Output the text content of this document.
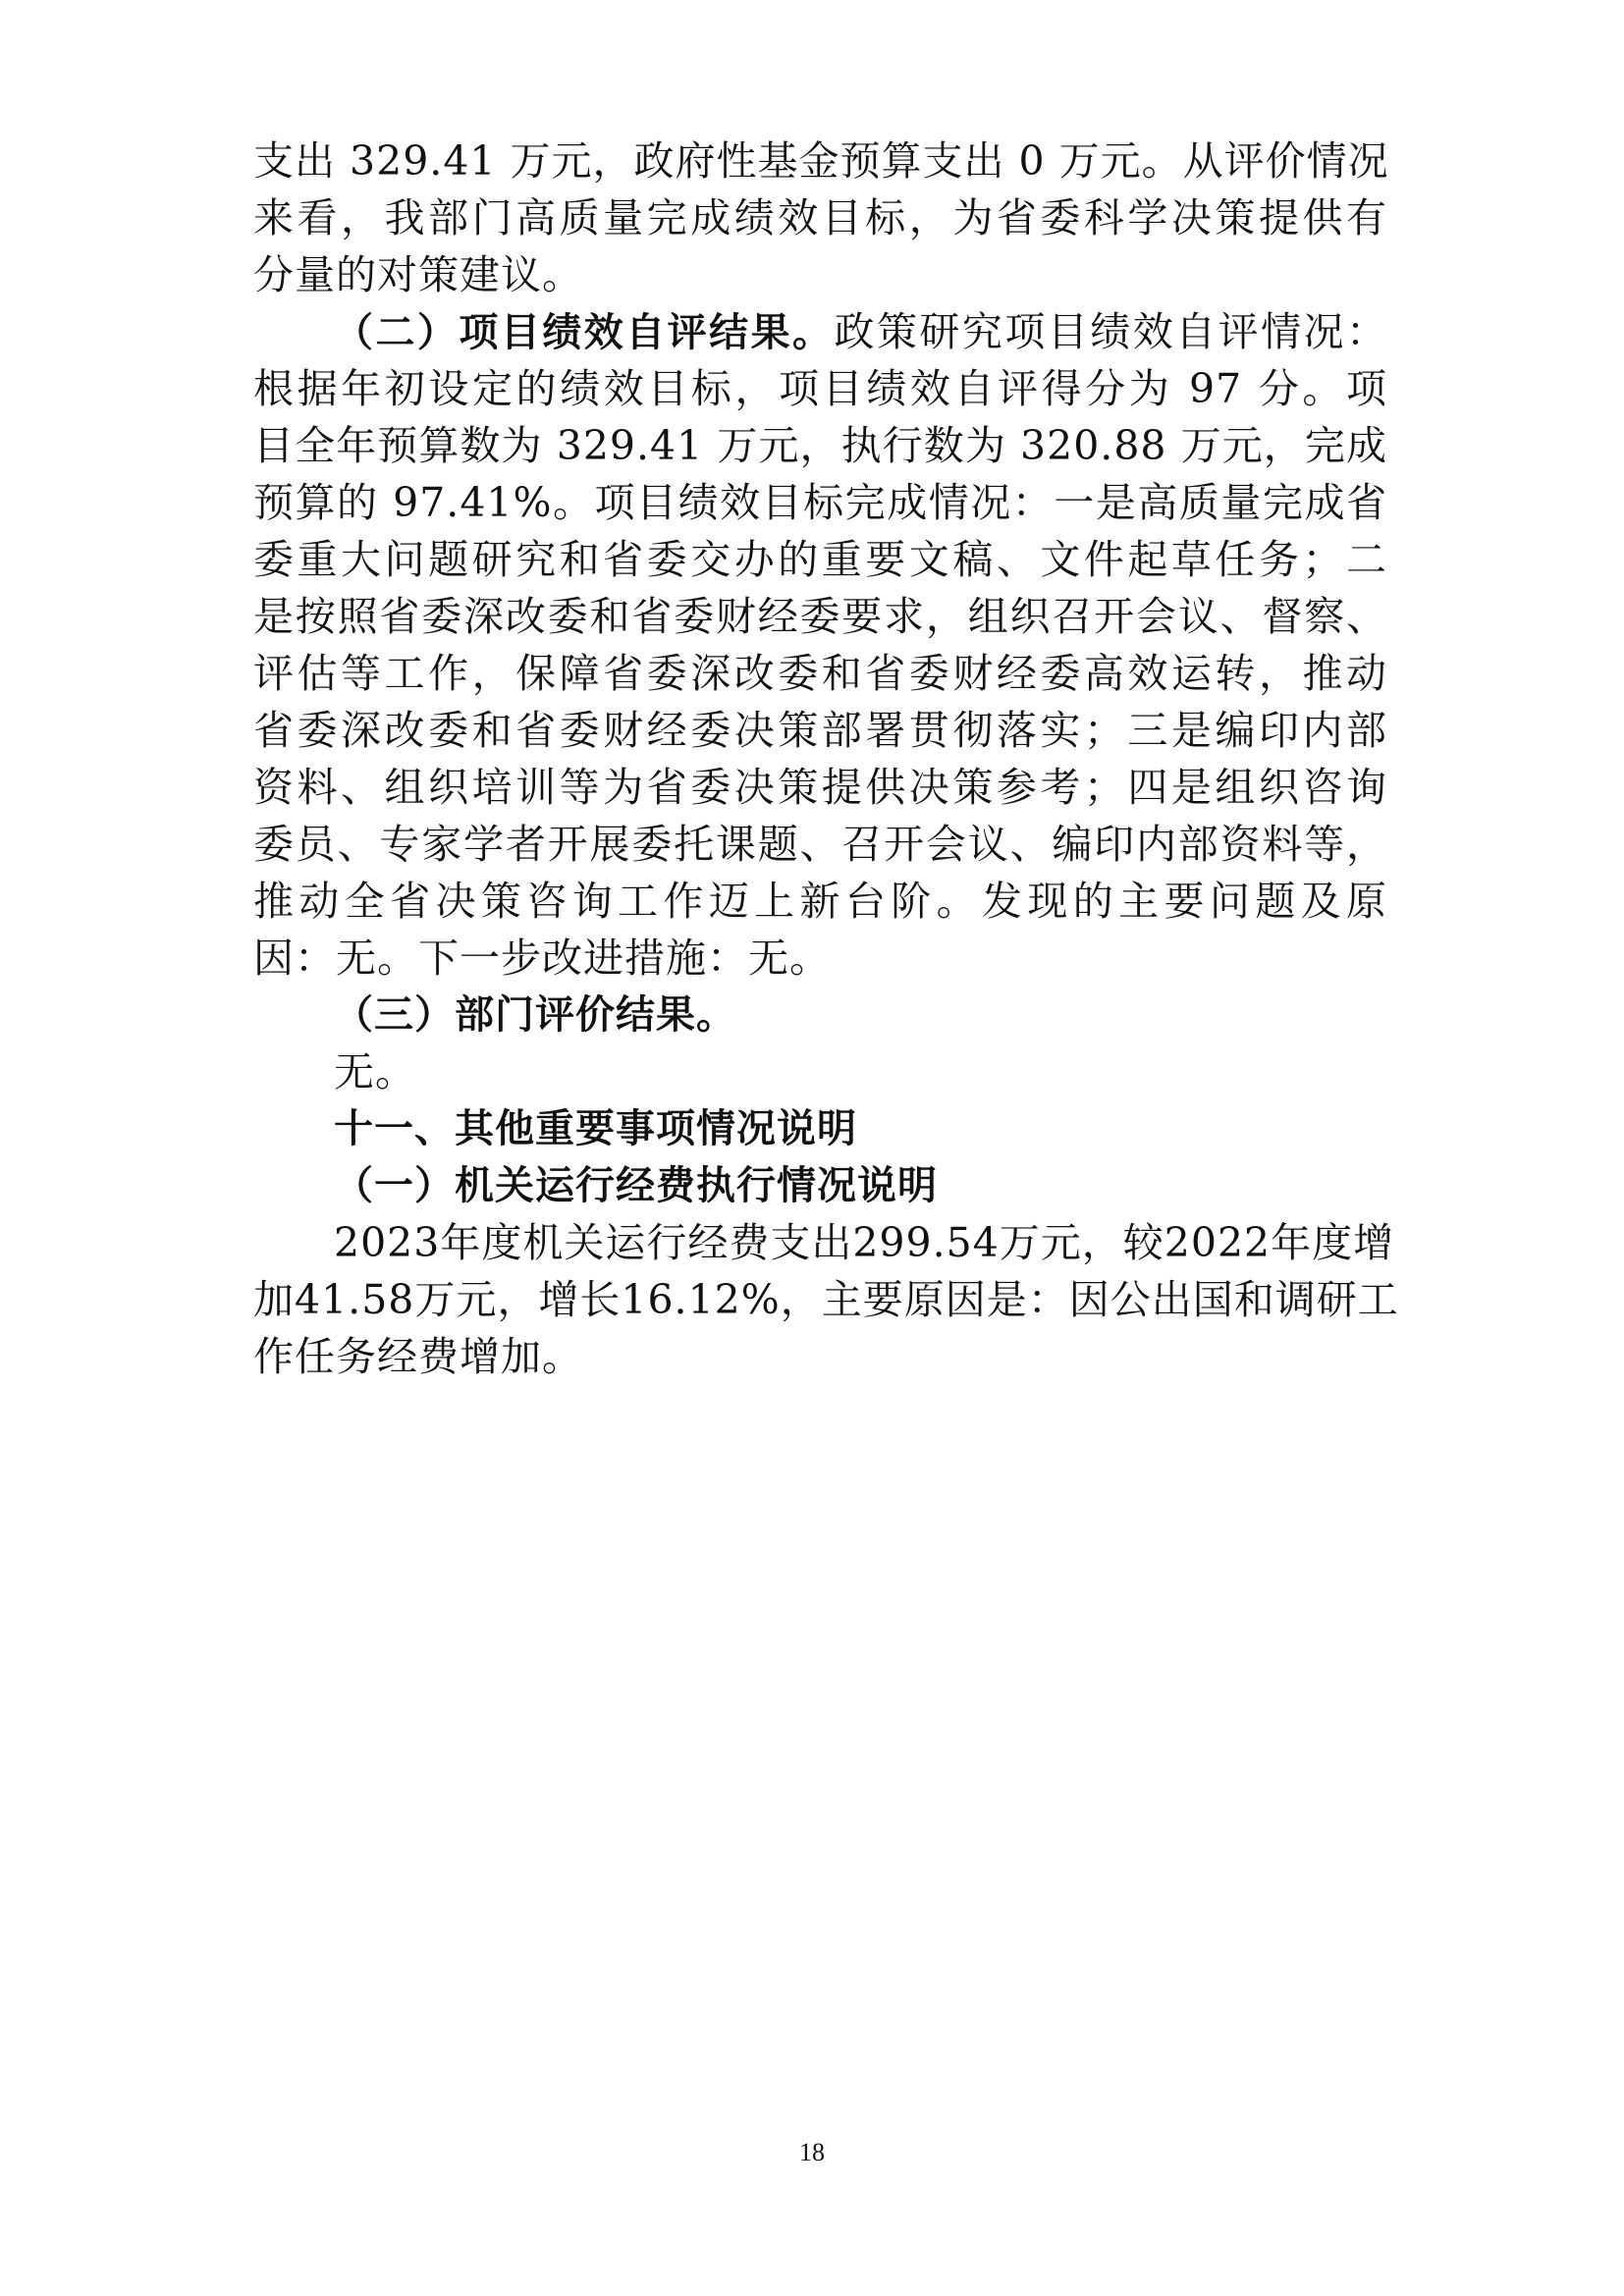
支出 329.41 万元，政府性基金预算支出 0 万元。从评价情况
来看，我部门高质量完成绩效目标，为省委科学决策提供有
分量的对策建议。
（二）项目绩效自评结果。政策研究项目绩效自评情况：
根据年初设定的绩效目标，项目绩效自评得分为 97 分。项
目全年预算数为 329.41 万元，执行数为 320.88 万元，完成
预算的 97.41%。项目绩效目标完成情况：一是高质量完成省
委重大问题研究和省委交办的重要文稿、文件起草任务；二
是按照省委深改委和省委财经委要求，组织召开会议、督察、
评估等工作，保障省委深改委和省委财经委高效运转，推动
省委深改委和省委财经委决策部署贯彻落实；三是编印内部
资料、组织培训等为省委决策提供决策参考；四是组织咨询
委员、专家学者开展委托课题、召开会议、编印内部资料等，
推动全省决策咨询工作迈上新台阶。发现的主要问题及原
因：无。下一步改进措施：无。
（三）部门评价结果。
无。
十一、其他重要事项情况说明
（一）机关运行经费执行情况说明
2023年度机关运行经费支出299.54万元，较2022年度增
加41.58万元，增长16.12%，主要原因是：因公出国和调研工
作任务经费增加。
18
